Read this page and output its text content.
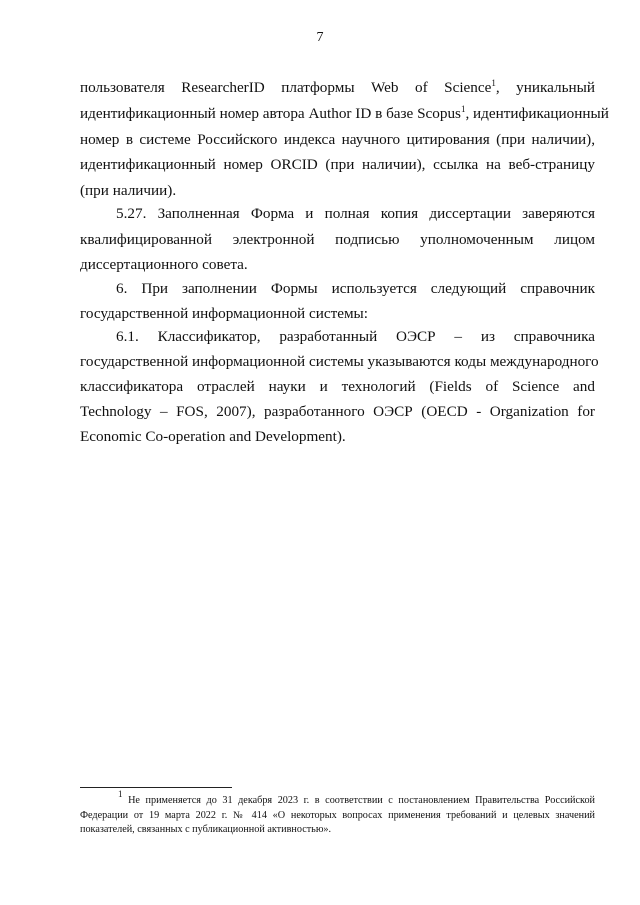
7
пользователя ResearcherID платформы Web of Science$^1$, уникальный
идентификационный номер автора Author ID в базе Scopus$^1$, идентификационный
номер в системе Российского индекса научного цитирования (при наличии),
идентификационный номер ORCID (при наличии), ссылка на веб-страницу
(при наличии).
5.27. Заполненная Форма и полная копия диссертации заверяются
квалифицированной электронной подписью уполномоченным лицом
диссертационного совета.
6. При заполнении Формы используется следующий справочник
государственной информационной системы:
6.1. Классификатор, разработанный ОЭСР – из справочника
государственной информационной системы указываются коды международного
классификатора отраслей науки и технологий (Fields of Science and
Technology – FOS, 2007), разработанного ОЭСР (OECD - Organization for
Economic Co-operation and Development).
$^1$ Не применяется до 31 декабря 2023 г. в соответствии с постановлением Правительства Российской
Федерации от 19 марта 2022 г. № 414 «О некоторых вопросах применения требований и целевых значений
показателей, связанных с публикационной активностью».
